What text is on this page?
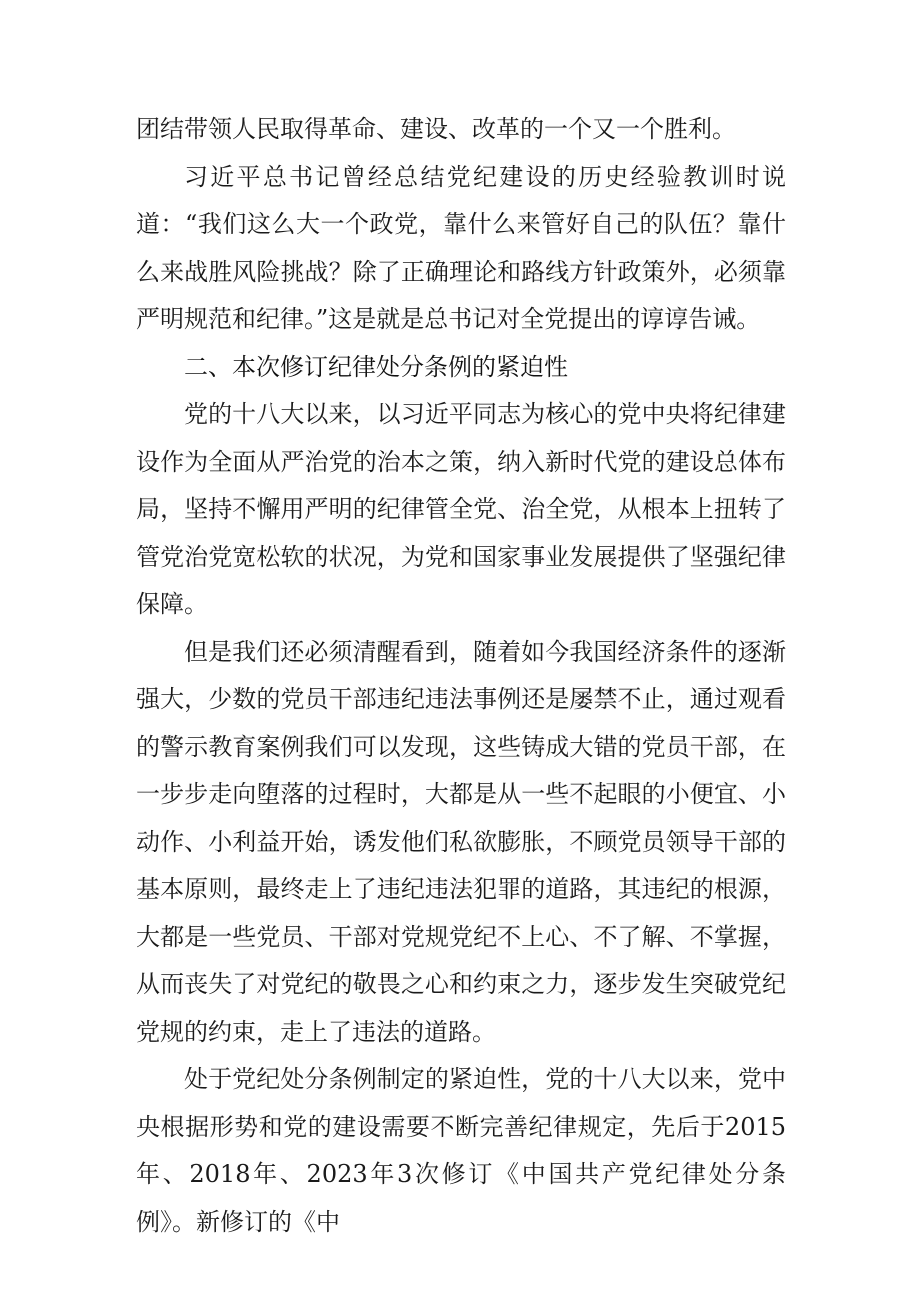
团结带领人民取得革命、建设、改革的一个又一个胜利。

习近平总书记曾经总结党纪建设的历史经验教训时说道：“我们这么大一个政党，靠什么来管好自己的队伍？靠什么来战胜风险挑战？除了正确理论和路线方针政策外，必须靠严明规范和纪律。”这是就是总书记对全党提出的谆谆告诫。

二、本次修订纪律处分条例的紧迫性

党的十八大以来，以习近平同志为核心的党中央将纪律建设作为全面从严治党的治本之策，纳入新时代党的建设总体布局，坚持不懈用严明的纪律管全党、治全党，从根本上扭转了管党治党宽松软的状况，为党和国家事业发展提供了坚强纪律保障。

但是我们还必须清醒看到，随着如今我国经济条件的逐渐强大，少数的党员干部违纪违法事例还是屡禁不止，通过观看的警示教育案例我们可以发现，这些铸成大错的党员干部，在一步步走向堕落的过程时，大都是从一些不起眼的小便宜、小动作、小利益开始，诱发他们私欲膨胀，不顾党员领导干部的基本原则，最终走上了违纪违法犯罪的道路，其违纪的根源，大都是一些党员、干部对党规党纪不上心、不了解、不掌握，从而丧失了对党纪的敬畏之心和约束之力，逐步发生突破党纪党规的约束，走上了违法的道路。

处于党纪处分条例制定的紧迫性，党的十八大以来，党中央根据形势和党的建设需要不断完善纪律规定，先后于2015年、2018年、2023年3次修订《中国共产党纪律处分条例》。新修订的《中
